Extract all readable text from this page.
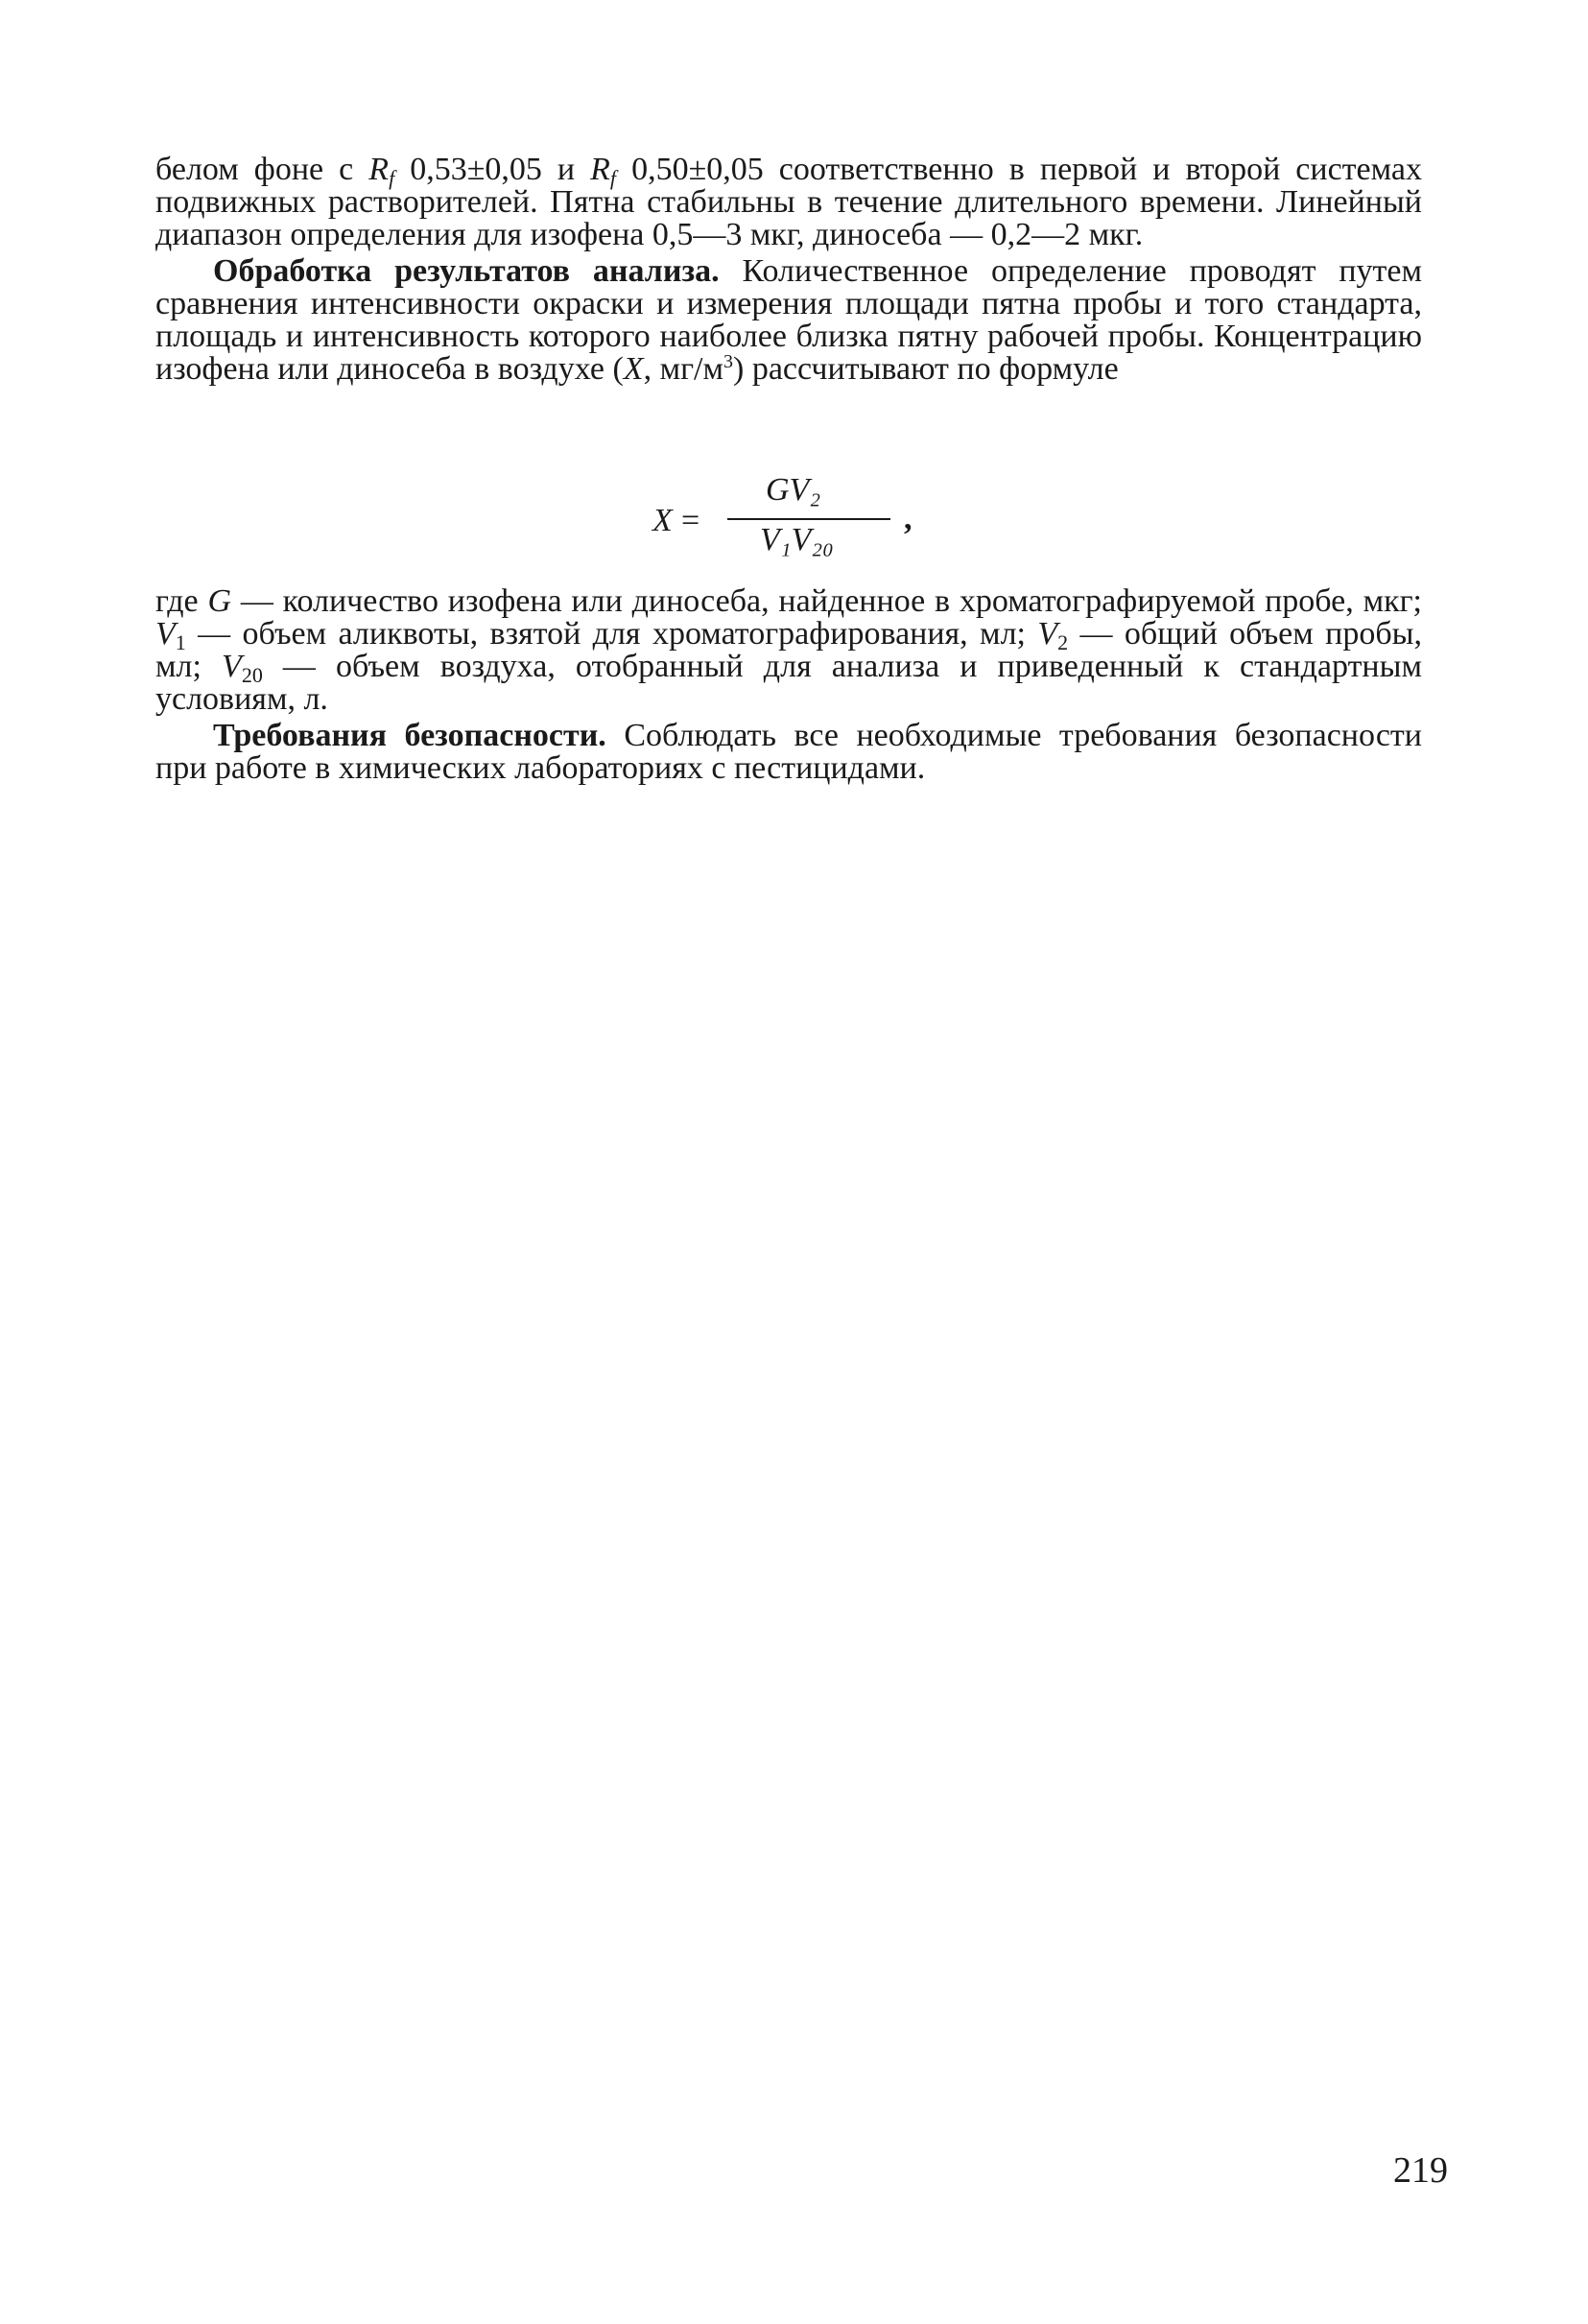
белом фоне с $R_f$ 0,53±0,05 и $R_f$ 0,50±0,05 соответственно в первой и второй системах подвижных растворителей. Пятна стабильны в течение длительного времени. Линейный диапазон определения для изофена 0,5—3 мкг, диносеба — 0,2—2 мкг.

Обработка результатов анализа. Количественное определение проводят путем сравнения интенсивности окраски и измерения площади пятна пробы и того стандарта, площадь и интенсивность которого наиболее близка пятну рабочей пробы. Концентрацию изофена или диносеба в воздухе (X, $мг/м^3$) рассчитывают по формуле

X =
GV₂
V₁V₂₀
,

где G — количество изофена или диносеба, найденное в хроматографируемой пробе, мкг; $V_1$ — объем аликвоты, взятой для хроматографирования, мл; $V_2$ — общий объем пробы, мл; $V_{20}$ — объем воздуха, отобранный для анализа и приведенный к стандартным условиям, л.

Требования безопасности. Соблюдать все необходимые требования безопасности при работе в химических лабораториях с пестицидами.

219
